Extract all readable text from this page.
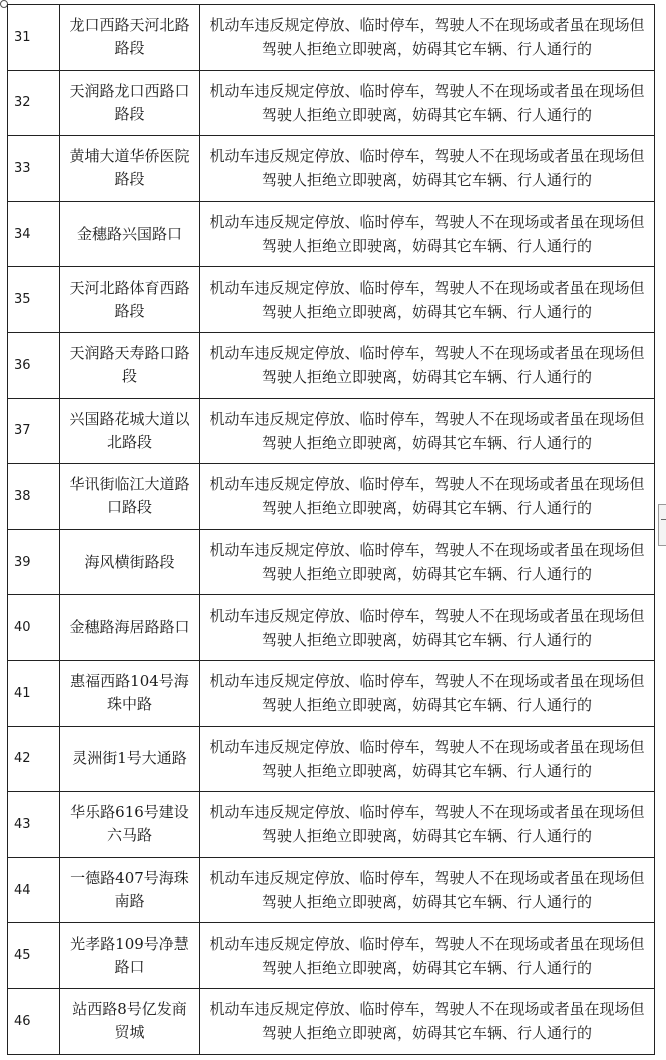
31	龙口西路天河北路路段	机动车违反规定停放、临时停车，驾驶人不在现场或者虽在现场但驾驶人拒绝立即驶离，妨碍其它车辆、行人通行的
32	天润路龙口西路口路段	机动车违反规定停放、临时停车，驾驶人不在现场或者虽在现场但驾驶人拒绝立即驶离，妨碍其它车辆、行人通行的
33	黄埔大道华侨医院路段	机动车违反规定停放、临时停车，驾驶人不在现场或者虽在现场但驾驶人拒绝立即驶离，妨碍其它车辆、行人通行的
34	金穗路兴国路口	机动车违反规定停放、临时停车，驾驶人不在现场或者虽在现场但驾驶人拒绝立即驶离，妨碍其它车辆、行人通行的
35	天河北路体育西路路段	机动车违反规定停放、临时停车，驾驶人不在现场或者虽在现场但驾驶人拒绝立即驶离，妨碍其它车辆、行人通行的
36	天润路天寿路口路段	机动车违反规定停放、临时停车，驾驶人不在现场或者虽在现场但驾驶人拒绝立即驶离，妨碍其它车辆、行人通行的
37	兴国路花城大道以北路段	机动车违反规定停放、临时停车，驾驶人不在现场或者虽在现场但驾驶人拒绝立即驶离，妨碍其它车辆、行人通行的
38	华讯街临江大道路口路段	机动车违反规定停放、临时停车，驾驶人不在现场或者虽在现场但驾驶人拒绝立即驶离，妨碍其它车辆、行人通行的
39	海风横街路段	机动车违反规定停放、临时停车，驾驶人不在现场或者虽在现场但驾驶人拒绝立即驶离，妨碍其它车辆、行人通行的
40	金穗路海居路路口	机动车违反规定停放、临时停车，驾驶人不在现场或者虽在现场但驾驶人拒绝立即驶离，妨碍其它车辆、行人通行的
41	惠福西路104号海珠中路	机动车违反规定停放、临时停车，驾驶人不在现场或者虽在现场但驾驶人拒绝立即驶离，妨碍其它车辆、行人通行的
42	灵洲街1号大通路	机动车违反规定停放、临时停车，驾驶人不在现场或者虽在现场但驾驶人拒绝立即驶离，妨碍其它车辆、行人通行的
43	华乐路616号建设六马路	机动车违反规定停放、临时停车，驾驶人不在现场或者虽在现场但驾驶人拒绝立即驶离，妨碍其它车辆、行人通行的
44	一德路407号海珠南路	机动车违反规定停放、临时停车，驾驶人不在现场或者虽在现场但驾驶人拒绝立即驶离，妨碍其它车辆、行人通行的
45	光孝路109号净慧路口	机动车违反规定停放、临时停车，驾驶人不在现场或者虽在现场但驾驶人拒绝立即驶离，妨碍其它车辆、行人通行的
46	站西路8号亿发商贸城	机动车违反规定停放、临时停车，驾驶人不在现场或者虽在现场但驾驶人拒绝立即驶离，妨碍其它车辆、行人通行的
